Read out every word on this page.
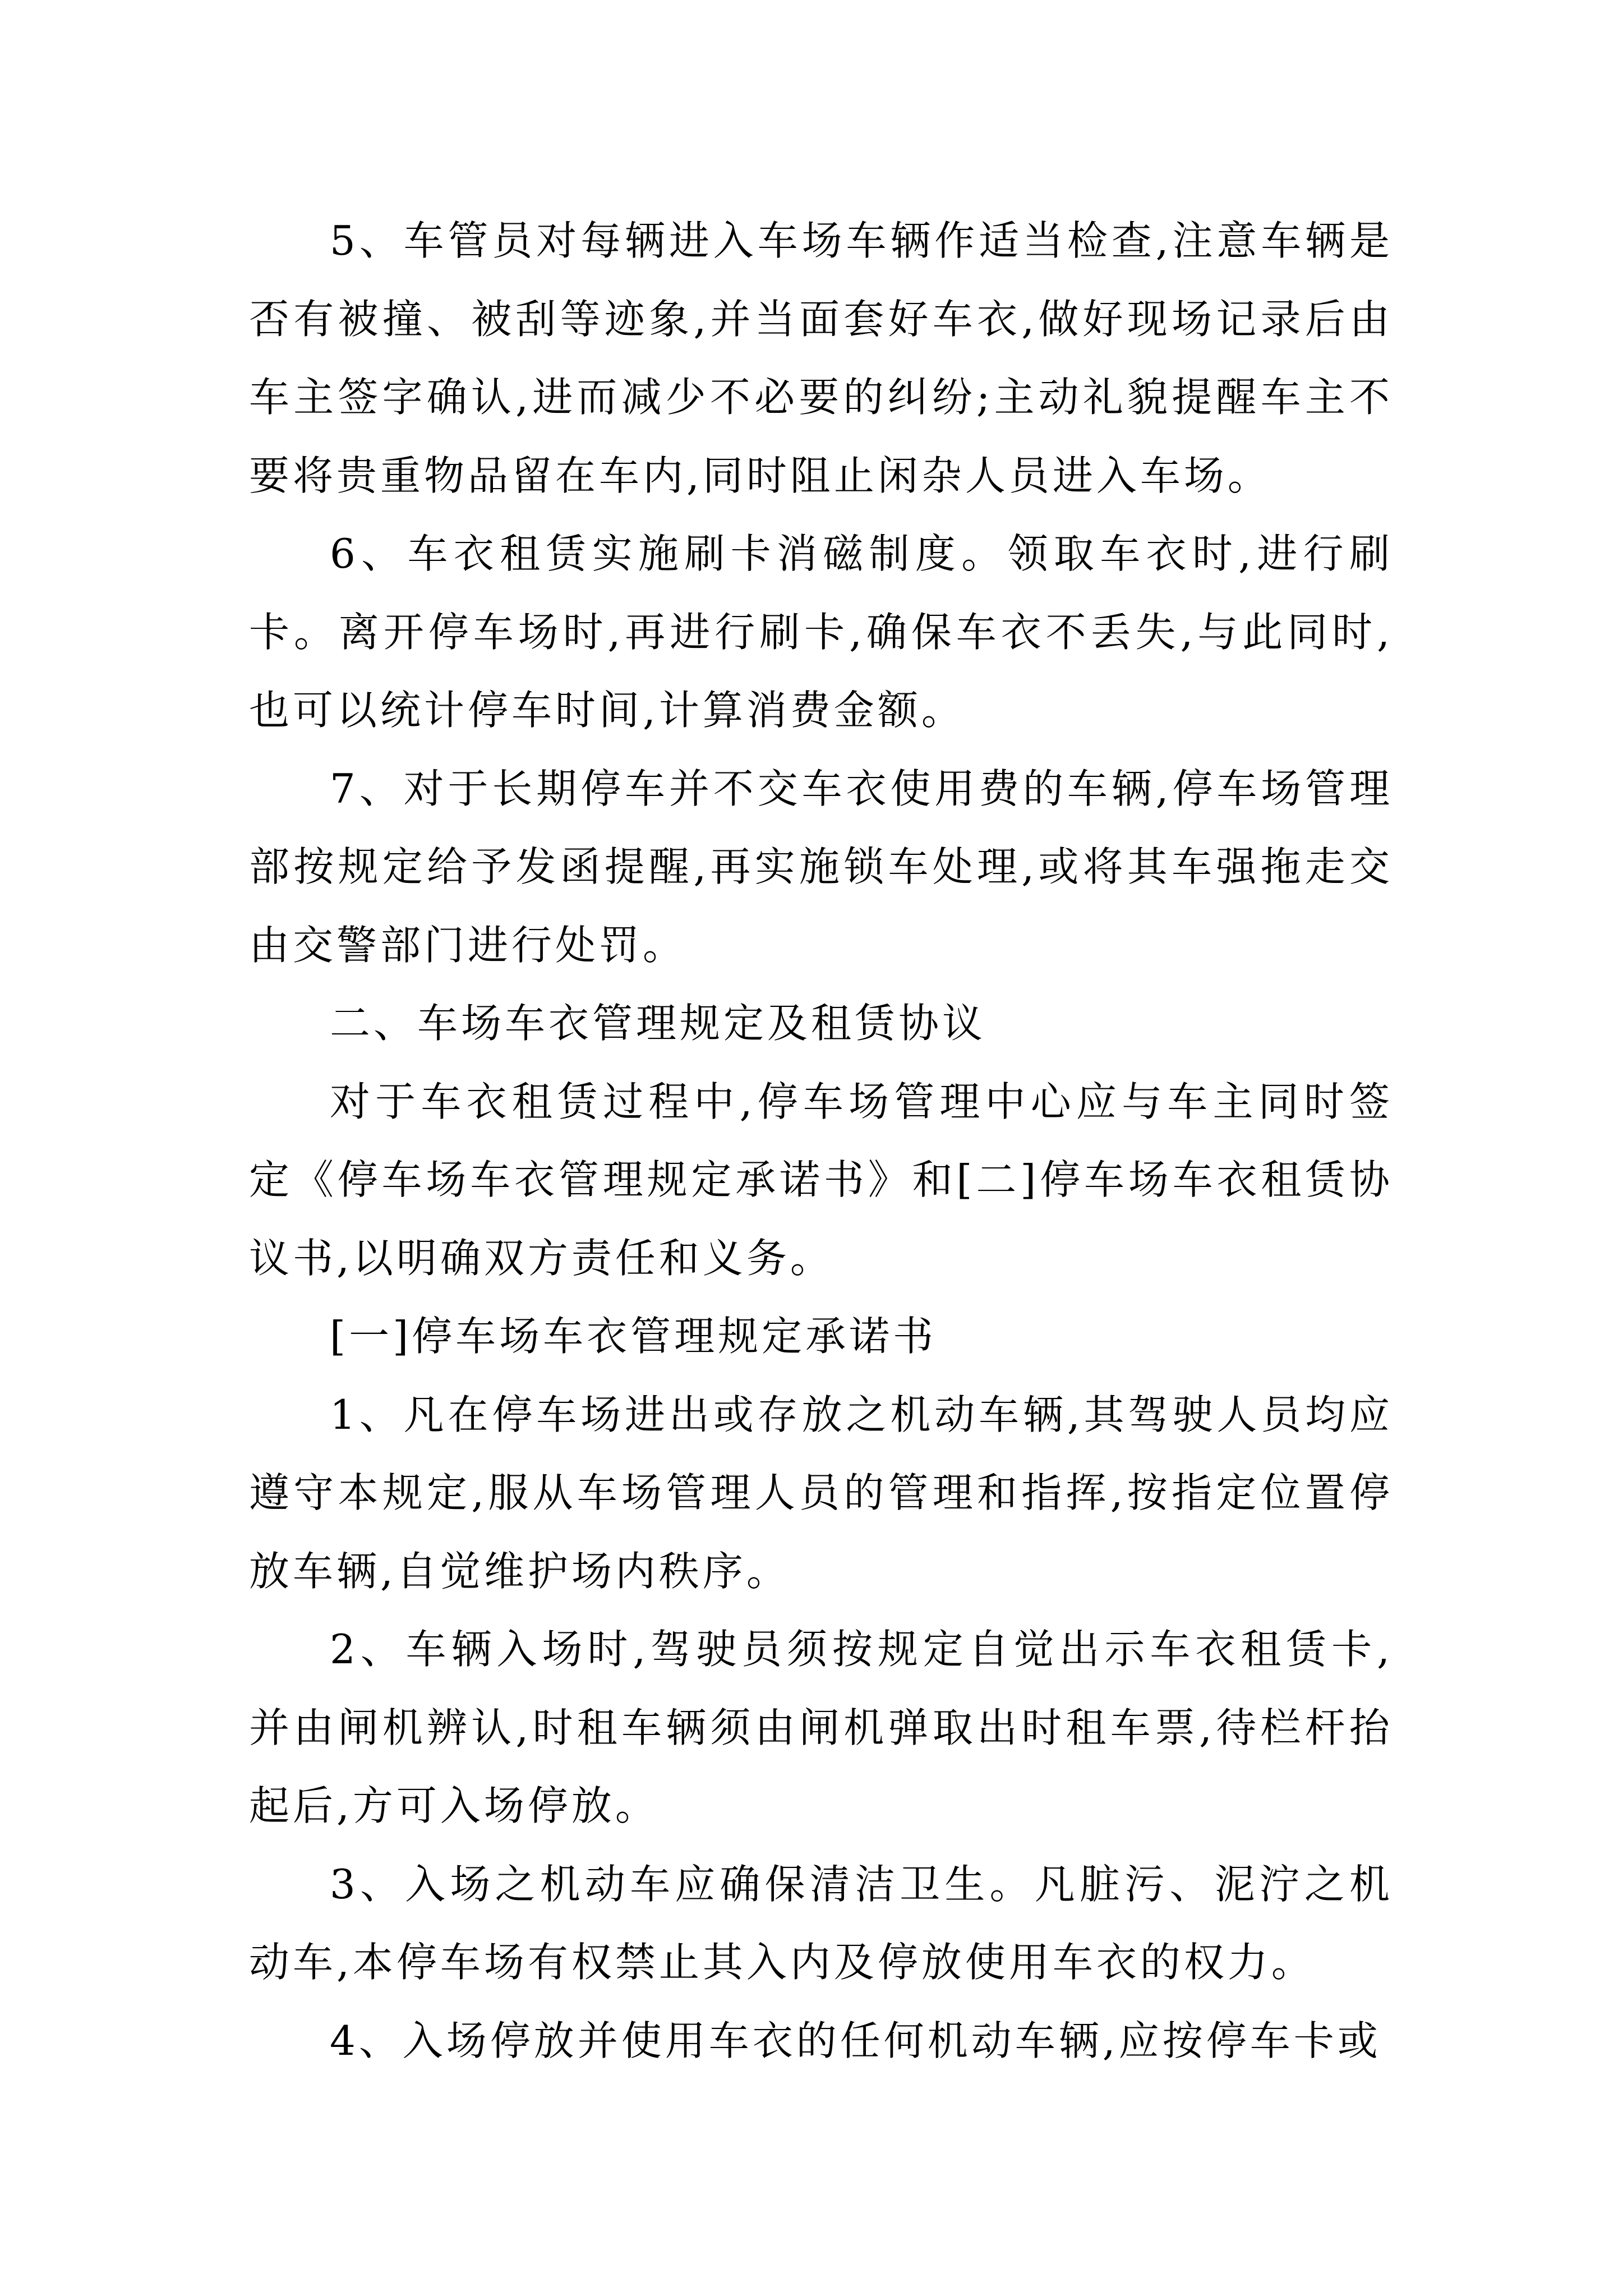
5、车管员对每辆进入车场车辆作适当检查,注意车辆是否有被撞、被刮等迹象,并当面套好车衣,做好现场记录后由车主签字确认,进而减少不必要的纠纷;主动礼貌提醒车主不要将贵重物品留在车内,同时阻止闲杂人员进入车场。

6、车衣租赁实施刷卡消磁制度。领取车衣时,进行刷卡。离开停车场时,再进行刷卡,确保车衣不丢失,与此同时,也可以统计停车时间,计算消费金额。

7、对于长期停车并不交车衣使用费的车辆,停车场管理部按规定给予发函提醒,再实施锁车处理,或将其车强拖走交由交警部门进行处罚。

二、车场车衣管理规定及租赁协议

对于车衣租赁过程中,停车场管理中心应与车主同时签定《停车场车衣管理规定承诺书》和[二]停车场车衣租赁协议书,以明确双方责任和义务。

[一]停车场车衣管理规定承诺书

1、凡在停车场进出或存放之机动车辆,其驾驶人员均应遵守本规定,服从车场管理人员的管理和指挥,按指定位置停放车辆,自觉维护场内秩序。

2、车辆入场时,驾驶员须按规定自觉出示车衣租赁卡,并由闸机辨认,时租车辆须由闸机弹取出时租车票,待栏杆抬起后,方可入场停放。

3、入场之机动车应确保清洁卫生。凡脏污、泥泞之机动车,本停车场有权禁止其入内及停放使用车衣的权力。

4、入场停放并使用车衣的任何机动车辆,应按停车卡或
